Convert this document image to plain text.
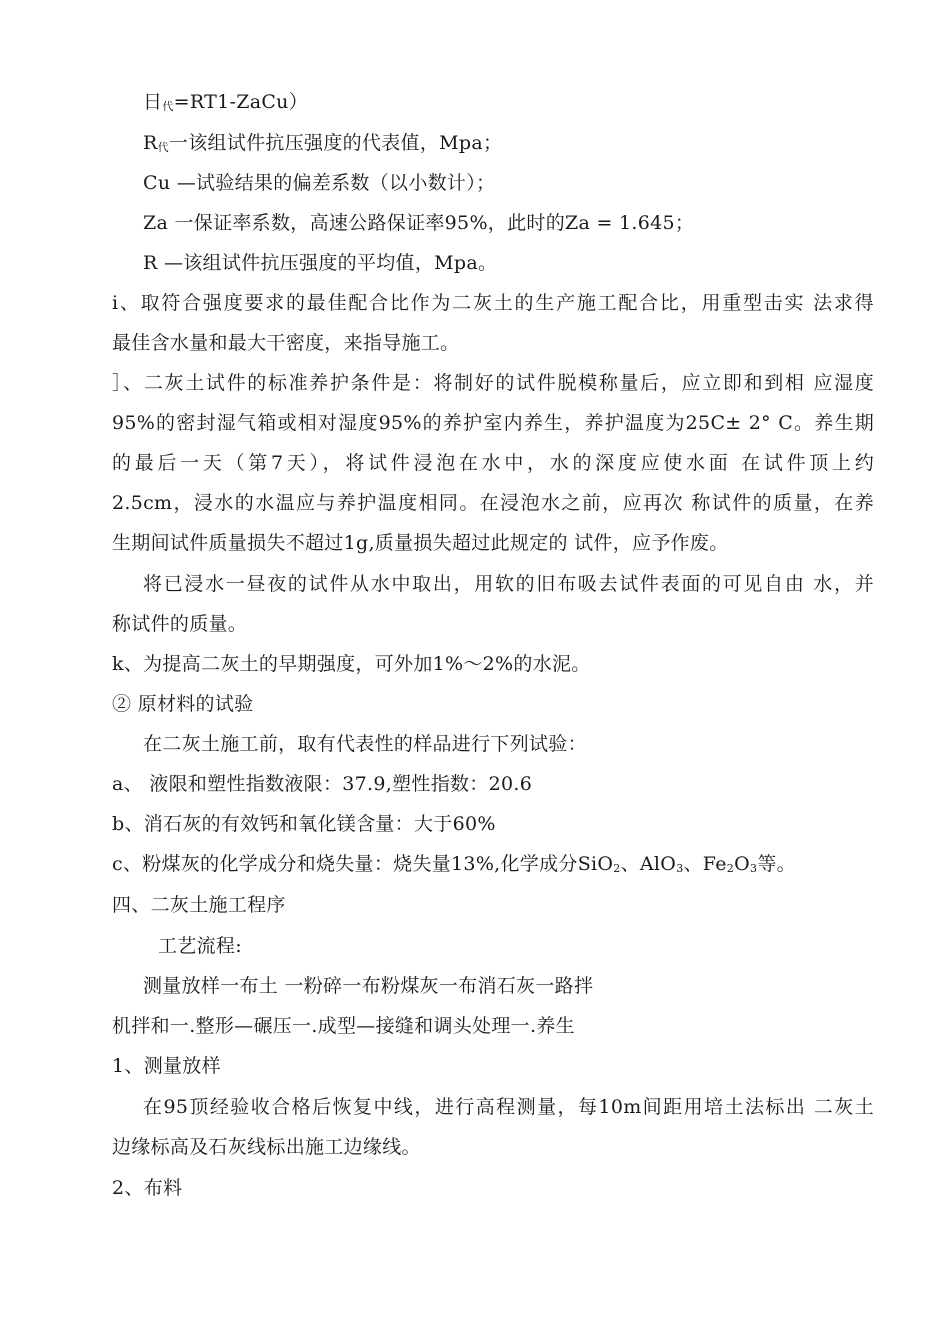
日代=RT1-ZaCu）
R代一该组试件抗压强度的代表值，Mpa；
Cu —试验结果的偏差系数（以小数计）；
Za 一保证率系数，高速公路保证率95%，此时的Za = 1.645；
R —该组试件抗压强度的平均值，Mpa。
i、取符合强度要求的最佳配合比作为二灰土的生产施工配合比，用重型击实 法求得
最佳含水量和最大干密度，来指导施工。
］、二灰土试件的标准养护条件是：将制好的试件脱模称量后，应立即和到相 应湿度
95%的密封湿气箱或相对湿度95%的养护室内养生，养护温度为25C± 2° C。养生期
的最后一天（第7天），将试件浸泡在水中，水的深度应使水面 在试件顶上约
2.5cm，浸水的水温应与养护温度相同。在浸泡水之前，应再次 称试件的质量，在养
生期间试件质量损失不超过1g,质量损失超过此规定的 试件，应予作废。
将已浸水一昼夜的试件从水中取出，用软的旧布吸去试件表面的可见自由 水，并
称试件的质量。
k、为提高二灰土的早期强度，可外加1%〜2%的水泥。
② 原材料的试验
在二灰土施工前，取有代表性的样品进行下列试验：
a、 液限和塑性指数液限：37.9,塑性指数：20.6
b、消石灰的有效钙和氧化镁含量：大于60%
c、粉煤灰的化学成分和烧失量：烧失量13%,化学成分SiO2、AlO3、Fe2O3等。
四、二灰土施工程序
工艺流程:
测量放样一布土 一粉碎一布粉煤灰一布消石灰一路拌
机拌和一.整形—碾压一.成型—接缝和调头处理一.养生
1、测量放样
在95顶经验收合格后恢复中线，进行高程测量，每10m间距用培土法标出 二灰土
边缘标高及石灰线标出施工边缘线。
2、布料
